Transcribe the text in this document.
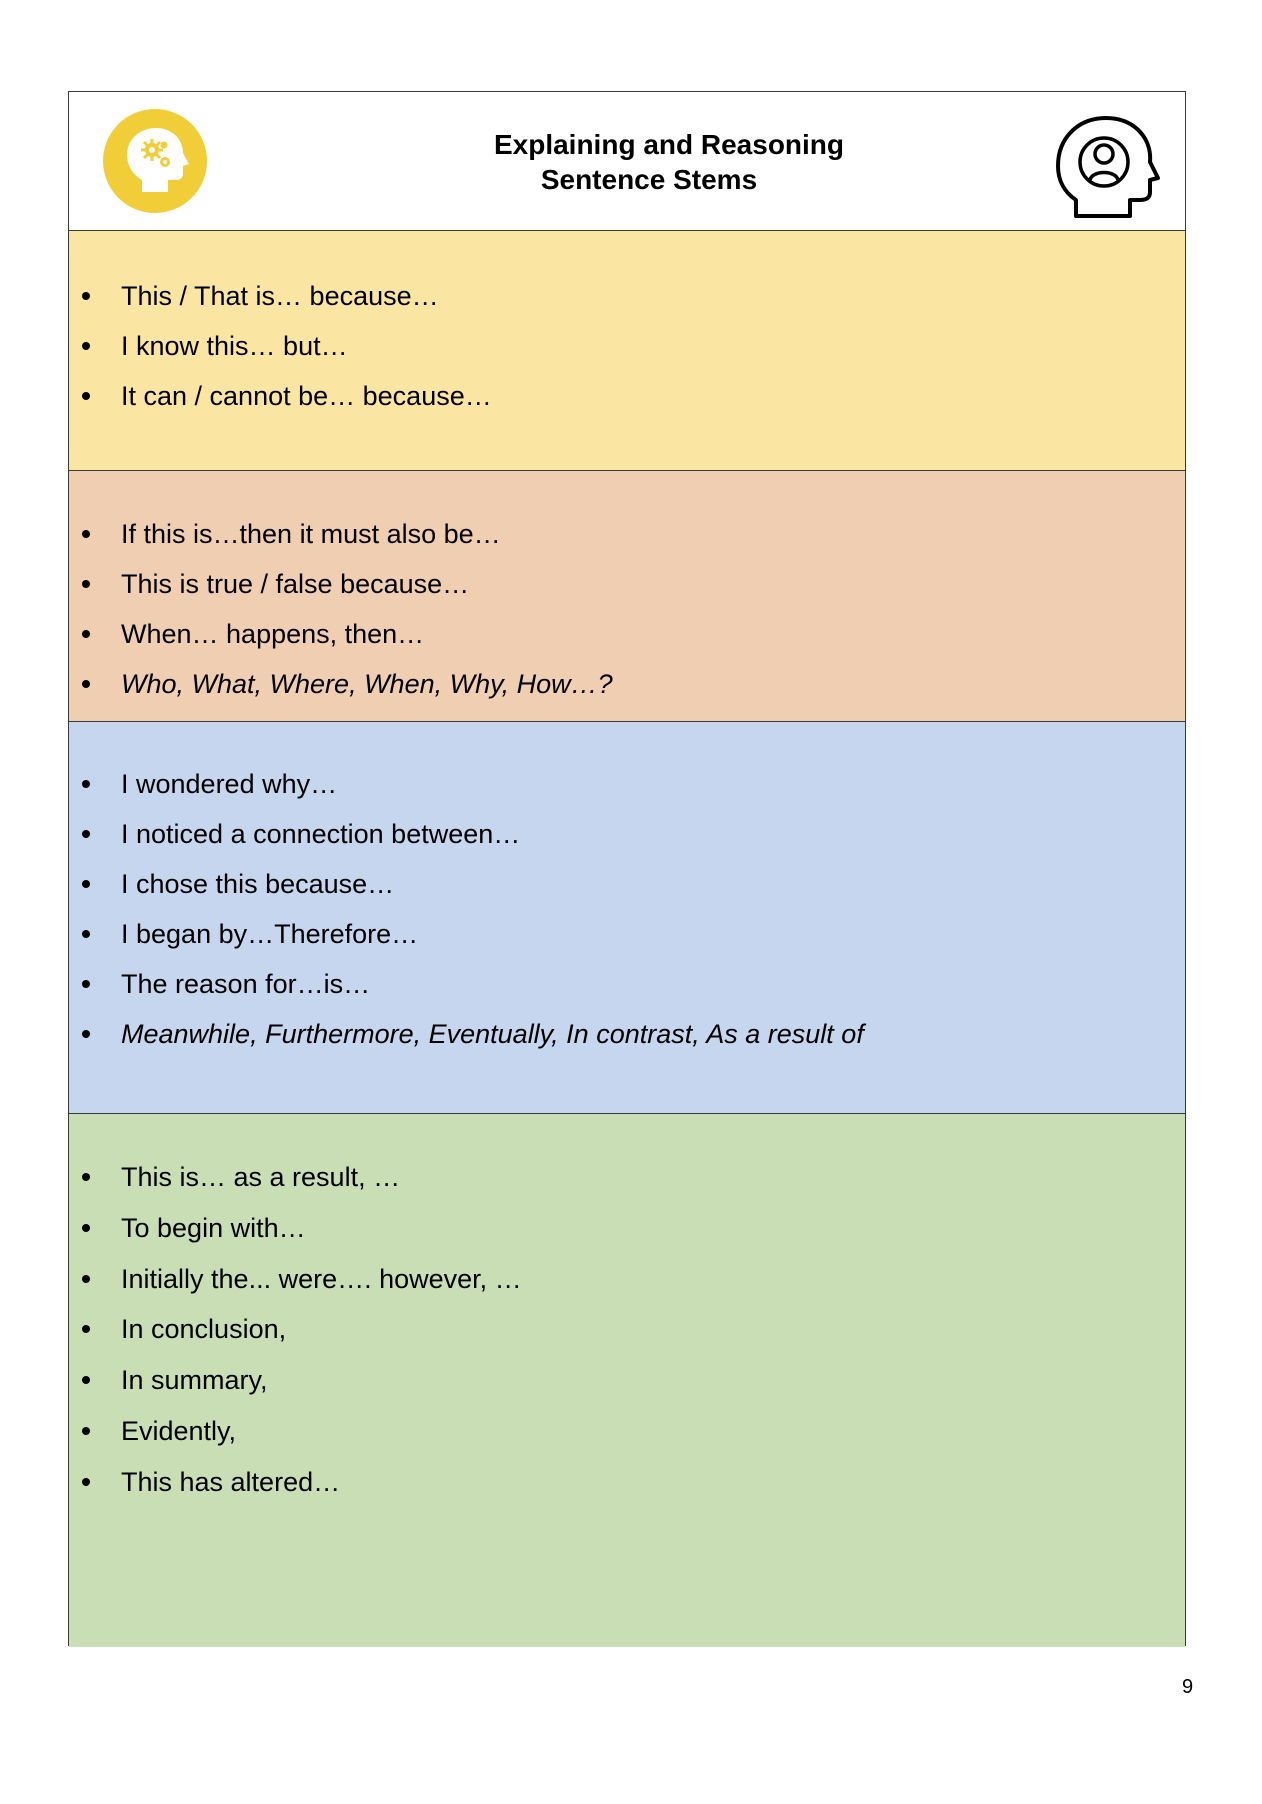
Explaining and Reasoning
Sentence Stems
This / That is… because…
I know this… but…
It can / cannot be… because…
If this is…then it must also be…
This is true / false because…
When… happens, then…
Who, What, Where, When, Why, How…?
I wondered why…
I noticed a connection between…
I chose this because…
I began by…Therefore…
The reason for…is…
Meanwhile, Furthermore, Eventually, In contrast, As a result of
This is… as a result, …
To begin with…
Initially the... were…. however, …
In conclusion,
In summary,
Evidently,
This has altered…
9
